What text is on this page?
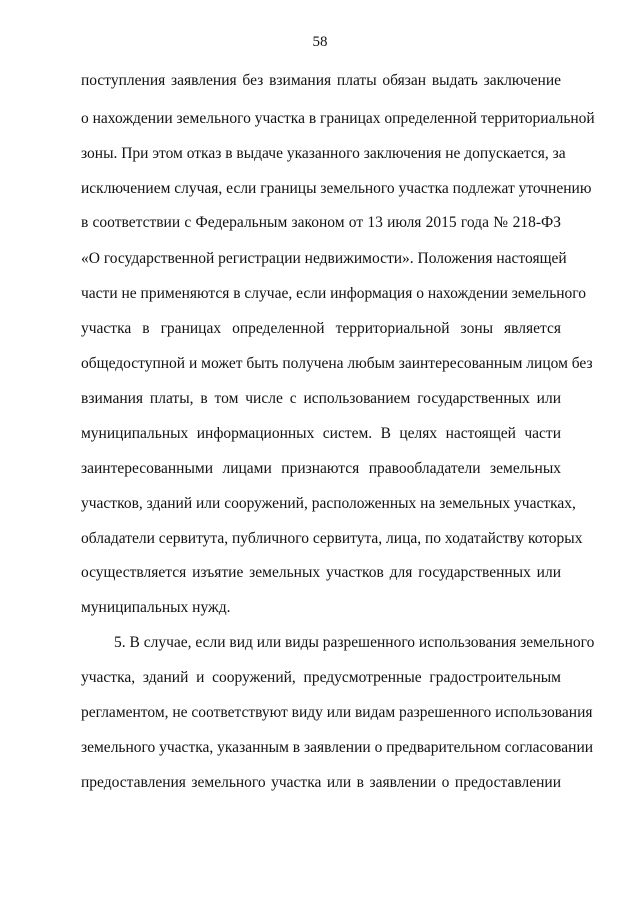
58
поступления заявления без взимания платы обязан выдать заключение
о нахождении земельного участка в границах определенной территориальной
зоны. При этом отказ в выдаче указанного заключения не допускается, за
исключением случая, если границы земельного участка подлежат уточнению
в соответствии с Федеральным законом от 13 июля 2015 года № 218-ФЗ
«О государственной регистрации недвижимости». Положения настоящей
части не применяются в случае, если информация о нахождении земельного
участка в границах определенной территориальной зоны является
общедоступной и может быть получена любым заинтересованным лицом без
взимания платы, в том числе с использованием государственных или
муниципальных информационных систем. В целях настоящей части
заинтересованными лицами признаются правообладатели земельных
участков, зданий или сооружений, расположенных на земельных участках,
обладатели сервитута, публичного сервитута, лица, по ходатайству которых
осуществляется изъятие земельных участков для государственных или
муниципальных нужд.
5. В случае, если вид или виды разрешенного использования земельного
участка, зданий и сооружений, предусмотренные градостроительным
регламентом, не соответствуют виду или видам разрешенного использования
земельного участка, указанным в заявлении о предварительном согласовании
предоставления земельного участка или в заявлении о предоставлении
